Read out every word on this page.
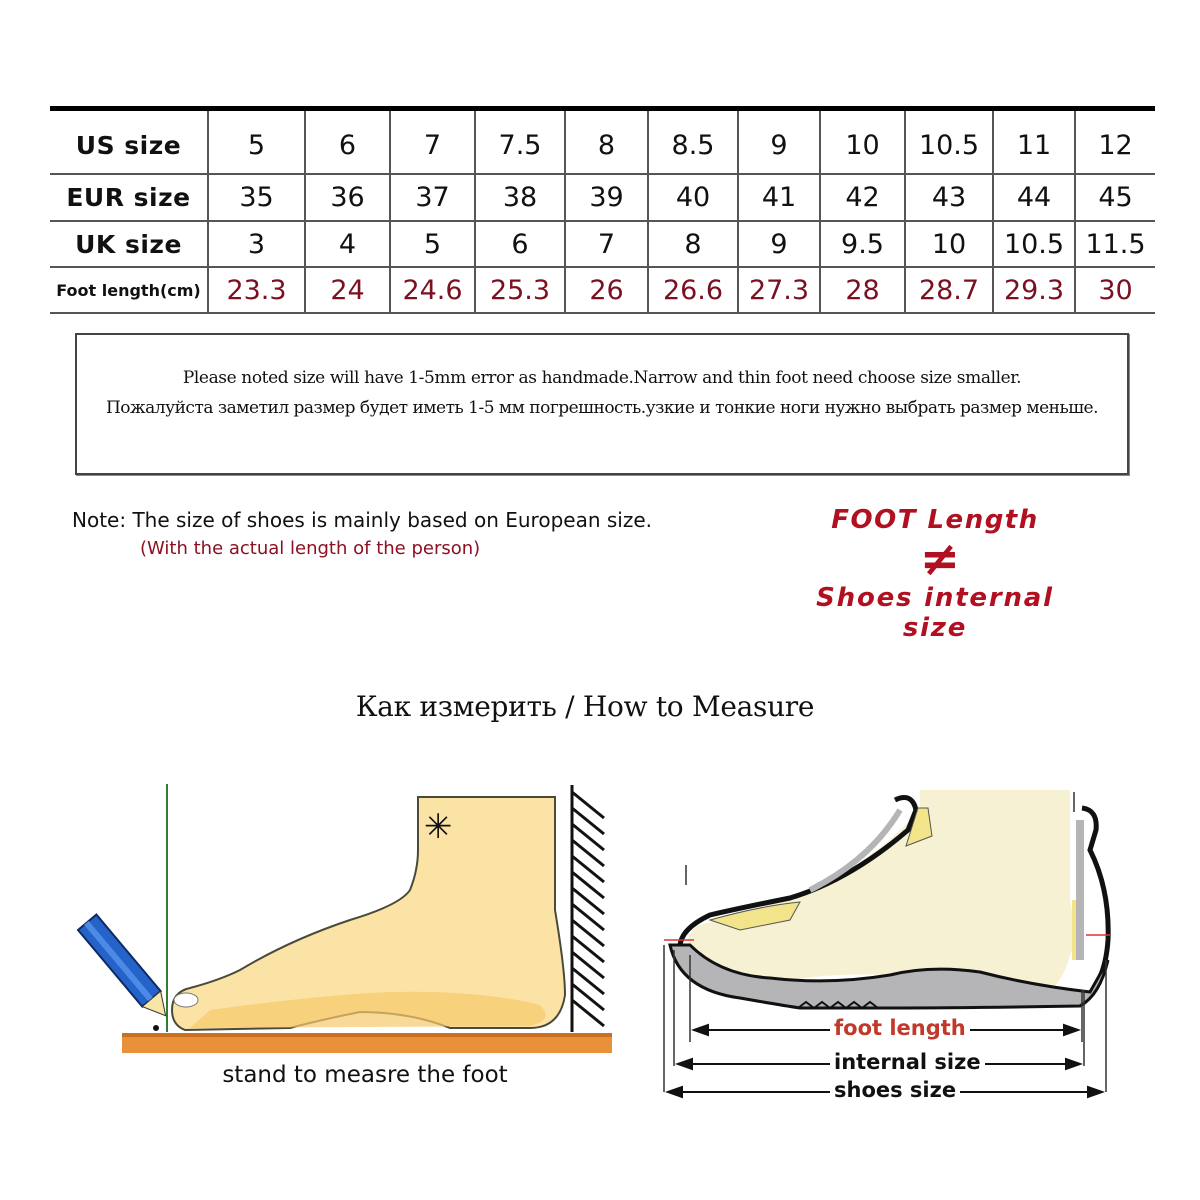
US size	5	6	7	7.5	8	8.5	9	10	10.5	11	12
EUR size	35	36	37	38	39	40	41	42	43	44	45
UK size	3	4	5	6	7	8	9	9.5	10	10.5	11.5
Foot length(cm)	23.3	24	24.6	25.3	26	26.6	27.3	28	28.7	29.3	30
Please noted size will have 1-5mm error as handmade.Narrow and thin foot need choose size smaller.
Пожалуйста заметил размер будет иметь 1-5 мм погрешность.узкие и тонкие ноги нужно выбрать размер меньше.
Note: The size of shoes is mainly based on European size.
(With the actual length of the person)
FOOT Length
≠
Shoes internal size
Как измерить / How to Measure
✳
stand to measre the foot
foot length
internal size
shoes size
